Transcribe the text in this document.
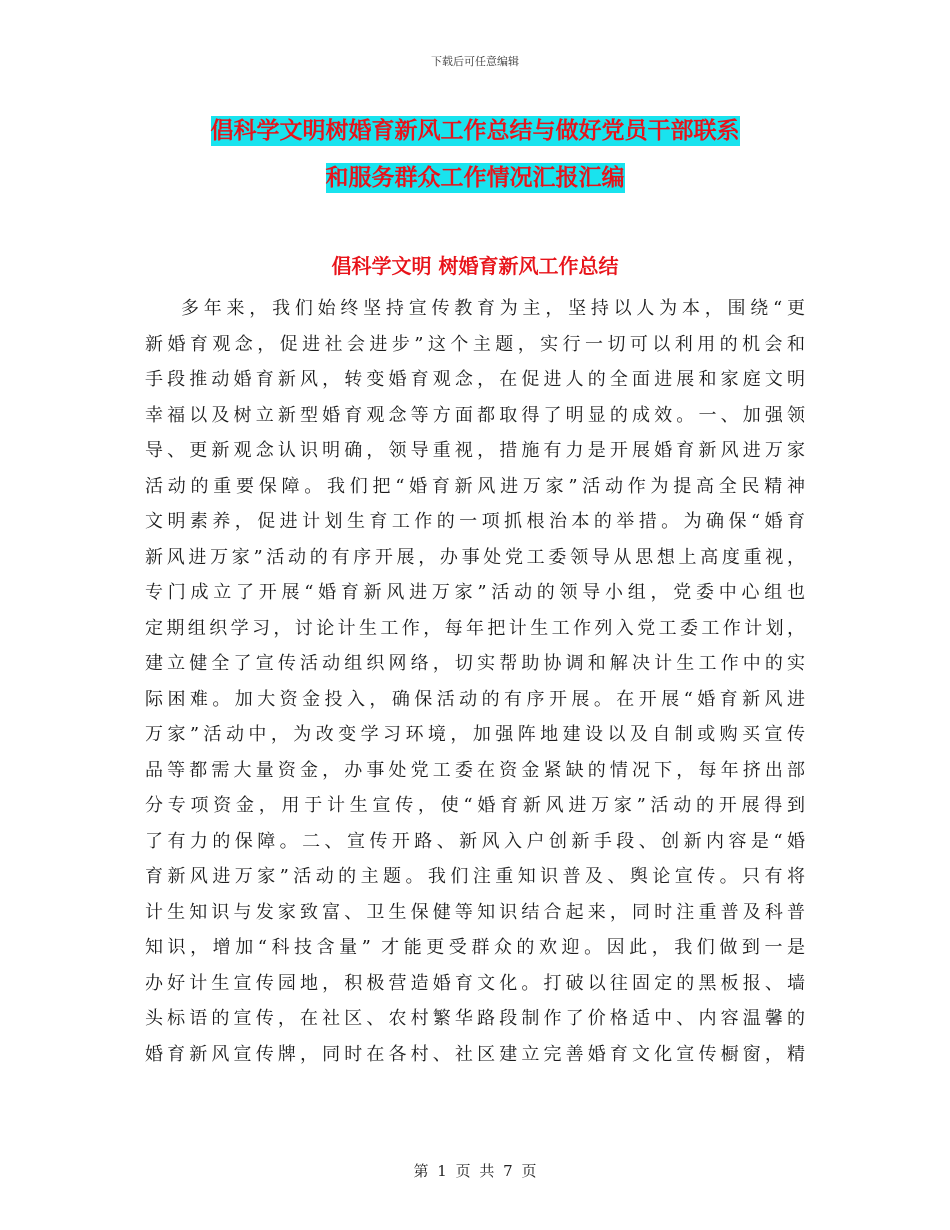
下载后可任意编辑
倡科学文明树婚育新风工作总结与做好党员干部联系
和服务群众工作情况汇报汇编
倡科学文明 树婚育新风工作总结
多年来，我们始终坚持宣传教育为主，坚持以人为本，围绕“更
新婚育观念，促进社会进步”这个主题，实行一切可以利用的机会和
手段推动婚育新风，转变婚育观念，在促进人的全面进展和家庭文明
幸福以及树立新型婚育观念等方面都取得了明显的成效。一、加强领
导、更新观念认识明确，领导重视，措施有力是开展婚育新风进万家
活动的重要保障。我们把“婚育新风进万家”活动作为提高全民精神
文明素养，促进计划生育工作的一项抓根治本的举措。为确保“婚育
新风进万家”活动的有序开展，办事处党工委领导从思想上高度重视，
专门成立了开展“婚育新风进万家”活动的领导小组，党委中心组也
定期组织学习，讨论计生工作，每年把计生工作列入党工委工作计划，
建立健全了宣传活动组织网络，切实帮助协调和解决计生工作中的实
际困难。加大资金投入，确保活动的有序开展。在开展“婚育新风进
万家”活动中，为改变学习环境，加强阵地建设以及自制或购买宣传
品等都需大量资金，办事处党工委在资金紧缺的情况下，每年挤出部
分专项资金，用于计生宣传，使“婚育新风进万家”活动的开展得到
了有力的保障。二、宣传开路、新风入户创新手段、创新内容是“婚
育新风进万家”活动的主题。我们注重知识普及、舆论宣传。只有将
计生知识与发家致富、卫生保健等知识结合起来，同时注重普及科普
知识，增加“科技含量” 才能更受群众的欢迎。因此，我们做到一是
办好计生宣传园地，积极营造婚育文化。打破以往固定的黑板报、墙
头标语的宣传，在社区、农村繁华路段制作了价格适中、内容温馨的
婚育新风宣传牌，同时在各村、社区建立完善婚育文化宣传橱窗，精
第 1 页 共 7 页
